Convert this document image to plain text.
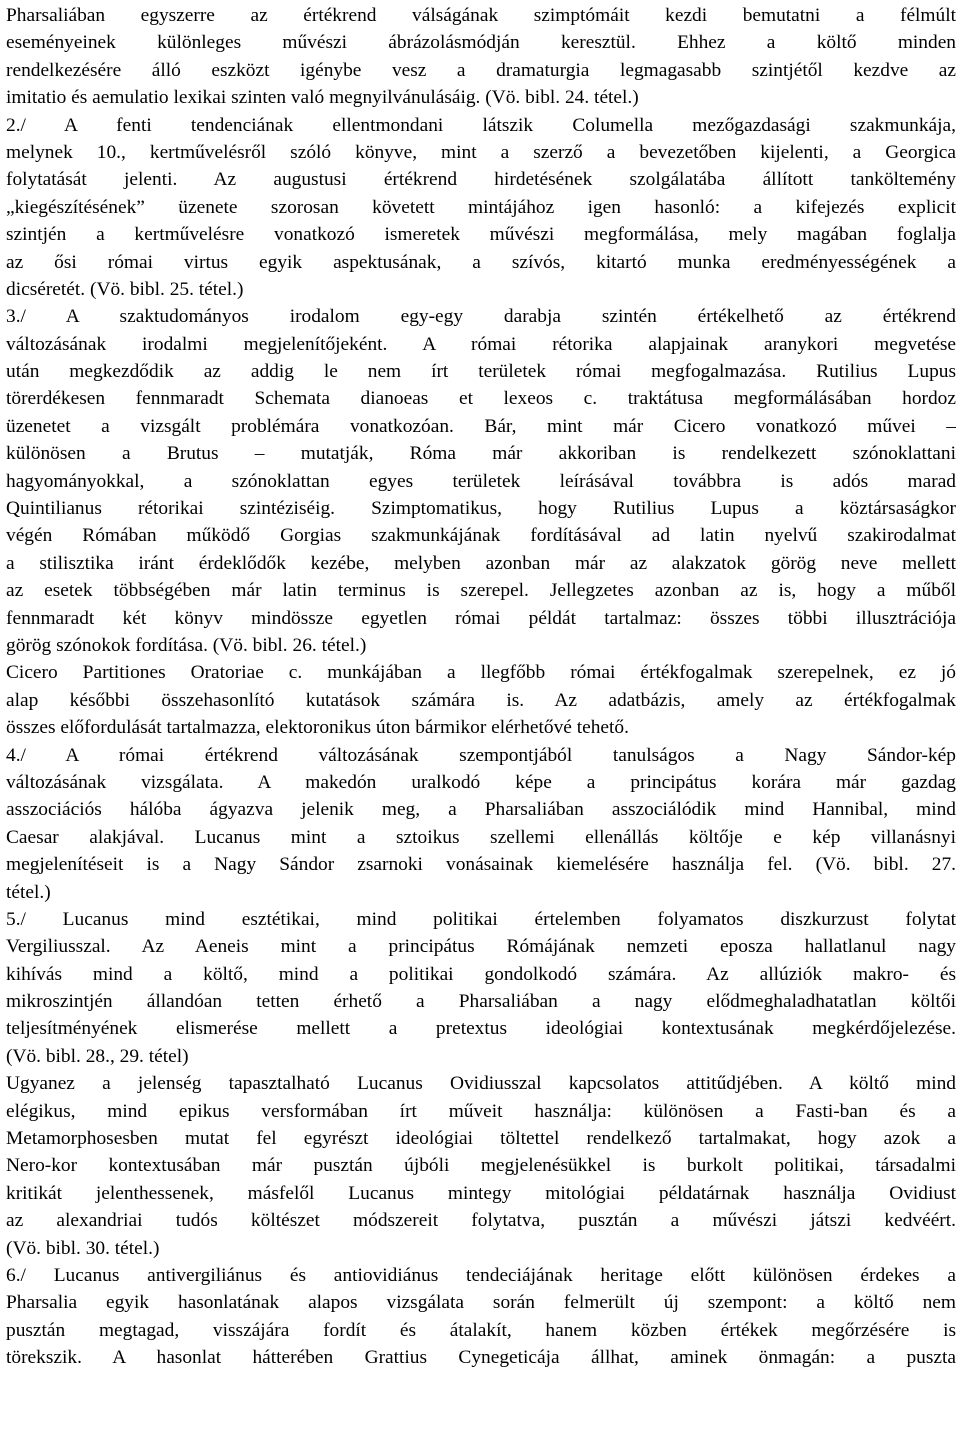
Pharsaliában egyszerre az értékrend válságának szimptómáit kezdi bemutatni a félmúlt
eseményeinek különleges művészi ábrázolásmódján keresztül. Ehhez a költő minden
rendelkezésére álló eszközt igénybe vesz a dramaturgia legmagasabb szintjétől kezdve az
imitatio és aemulatio lexikai szinten való megnyilvánulásáig. (Vö. bibl. 24. tétel.)
2./ A fenti tendenciának ellentmondani látszik Columella mezőgazdasági szakmunkája,
melynek 10., kertművelésről szóló könyve, mint a szerző a bevezetőben kijelenti, a Georgica
folytatását jelenti. Az augustusi értékrend hirdetésének szolgálatába állított tanköltemény
„kiegészítésének” üzenete szorosan követett mintájához igen hasonló: a kifejezés explicit
szintjén a kertművelésre vonatkozó ismeretek művészi megformálása, mely magában foglalja
az ősi római virtus egyik aspektusának, a szívós, kitartó munka eredményességének a
dicséretét. (Vö. bibl. 25. tétel.)
3./ A szaktudományos irodalom egy-egy darabja szintén értékelhető az értékrend
változásának irodalmi megjelenítőjeként. A római rétorika alapjainak aranykori megvetése
után megkezdődik az addig le nem írt területek római megfogalmazása. Rutilius Lupus
törerdékesen fennmaradt Schemata dianoeas et lexeos c. traktátusa megformálásában hordoz
üzenetet a vizsgált problémára vonatkozóan. Bár, mint már Cicero vonatkozó művei –
különösen a Brutus – mutatják, Róma már akkoriban is rendelkezett szónoklattani
hagyományokkal, a szónoklattan egyes területek leírásával továbbra is adós marad
Quintilianus rétorikai szintéziséig. Szimptomatikus, hogy Rutilius Lupus a köztársaságkor
végén Rómában működő Gorgias szakmunkájának fordításával ad latin nyelvű szakirodalmat
a stilisztika iránt érdeklődők kezébe, melyben azonban már az alakzatok görög neve mellett
az esetek többségében már latin terminus is szerepel. Jellegzetes azonban az is, hogy a műből
fennmaradt két könyv mindössze egyetlen római példát tartalmaz: összes többi illusztrációja
görög szónokok fordítása. (Vö. bibl. 26. tétel.)
Cicero Partitiones Oratoriae c. munkájában a llegfőbb római értékfogalmak szerepelnek, ez jó
alap későbbi összehasonlító kutatások számára is. Az adatbázis, amely az értékfogalmak
összes előfordulását tartalmazza, elektoronikus úton bármikor elérhetővé tehető.
4./ A római értékrend változásának szempontjából tanulságos a Nagy Sándor-kép
változásának vizsgálata. A makedón uralkodó képe a principátus korára már gazdag
asszociációs hálóba ágyazva jelenik meg, a Pharsaliában asszociálódik mind Hannibal, mind
Caesar alakjával. Lucanus mint a sztoikus szellemi ellenállás költője e kép villanásnyi
megjelenítéseit is a Nagy Sándor zsarnoki vonásainak kiemelésére használja fel. (Vö. bibl. 27.
tétel.)
5./ Lucanus mind esztétikai, mind politikai értelemben folyamatos diszkurzust folytat
Vergiliusszal. Az Aeneis mint a principátus Rómájának nemzeti eposza hallatlanul nagy
kihívás mind a költő, mind a politikai gondolkodó számára. Az allúziók makro- és
mikroszintjén állandóan tetten érhető a Pharsaliában a nagy elődmeghaladhatatlan költői
teljesítményének elismerése mellett a pretextus ideológiai kontextusának megkérdőjelezése.
(Vö. bibl. 28., 29. tétel)
Ugyanez a jelenség tapasztalható Lucanus Ovidiusszal kapcsolatos attitűdjében. A költő mind
elégikus, mind epikus versformában írt műveit használja: különösen a Fasti-ban és a
Metamorphosesben mutat fel egyrészt ideológiai töltettel rendelkező tartalmakat, hogy azok a
Nero-kor kontextusában már pusztán újbóli megjelenésükkel is burkolt politikai, társadalmi
kritikát jelenthessenek, másfelől Lucanus mintegy mitológiai példatárnak használja Ovidiust
az alexandriai tudós költészet módszereit folytatva, pusztán a művészi játszi kedvéért.
(Vö. bibl. 30. tétel.)
6./ Lucanus antivergiliánus és antiovidiánus tendeciájának heritage előtt különösen érdekes a
Pharsalia egyik hasonlatának alapos vizsgálata során felmerült új szempont: a költő nem
pusztán megtagad, visszájára fordít és átalakít, hanem közben értékek megőrzésére is
törekszik. A hasonlat hátterében Grattius Cynegeticája állhat, aminek önmagán: a puszta
